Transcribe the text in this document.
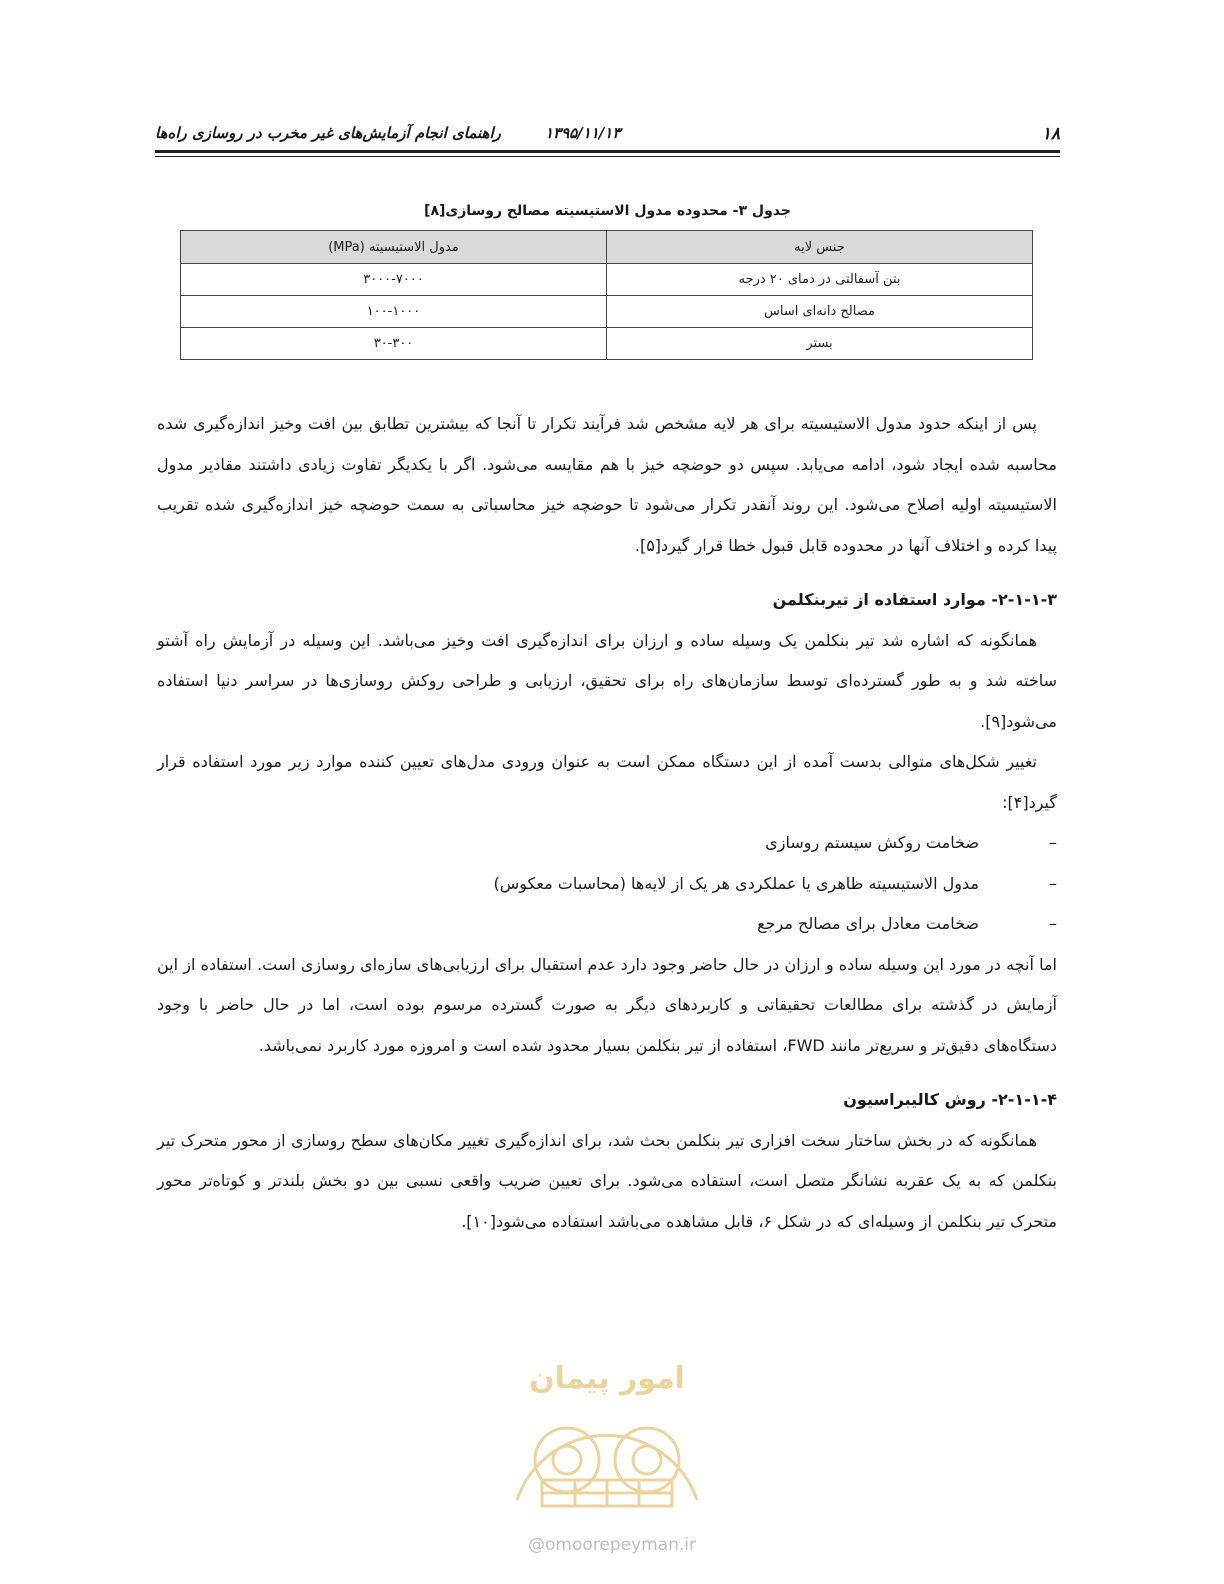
۱۸
۱۳۹۵/۱۱/۱۳
راهنمای انجام آزمایش‌های غیر مخرب در روسازی راه‌ها
جدول ۳- محدوده مدول الاستیسیته مصالح روسازی[۸]
جنس لایه	مدول الاستیسیته (MPa)
بتن آسفالتی در دمای ۲۰ درجه	۳۰۰۰-۷۰۰۰
مصالح دانه‌ای اساس	۱۰۰-۱۰۰۰
بستر	۳۰-۳۰۰

پس از اینکه حدود مدول الاستیسیته برای هر لایه مشخص شد فرآیند تکرار تا آنجا که بیشترین تطابق بین افت وخیز اندازه‌گیری شده محاسبه شده ایجاد شود، ادامه می‌یابد. سپس دو حوضچه خیز با هم مقایسه می‌شود. اگر با یکدیگر تفاوت زیادی داشتند مقادیر مدول الاستیسیته اولیه اصلاح می‌شود. این روند آنقدر تکرار می‌شود تا حوضچه خیز محاسباتی به سمت حوضچه خیز اندازه‌گیری شده تقریب پیدا کرده و اختلاف آنها در محدوده قابل قبول خطا قرار گیرد[۵].

۲-۱-۱-۳- موارد استفاده از تیربنکلمن

همانگونه که اشاره شد تیر بنکلمن یک وسیله ساده و ارزان برای اندازه‌گیری افت وخیز می‌باشد. این وسیله در آزمایش راه آشتو ساخته شد و به طور گسترده‌ای توسط سازمان‌های راه برای تحقیق، ارزیابی و طراحی روکش روسازی‌ها در سراسر دنیا استفاده می‌شود[۹].

تغییر شکل‌های متوالی بدست آمده از این دستگاه ممکن است به عنوان ورودی مدل‌های تعیین کننده موارد زیر مورد استفاده قرار گیرد[۴]:

– ضخامت روکش سیستم روسازی
– مدول الاستیسیته ظاهری یا عملکردی هر یک از لایه‌ها (محاسبات معکوس)
– ضخامت معادل برای مصالح مرجع

اما آنچه در مورد این وسیله ساده و ارزان در حال حاضر وجود دارد عدم استقبال برای ارزیابی‌های سازه‌ای روسازی است. استفاده از این آزمایش در گذشته برای مطالعات تحقیقاتی و کاربردهای دیگر به صورت گسترده مرسوم بوده است، اما در حال حاضر با وجود دستگاه‌های دقیق‌تر و سریع‌تر مانند FWD، استفاده از تیر بنکلمن بسیار محدود شده است و امروزه مورد کاربرد نمی‌باشد.

۲-۱-۱-۴- روش کالیبراسیون

همانگونه که در بخش ساختار سخت افزاری تیر بنکلمن بحث شد، برای اندازه‌گیری تغییر مکان‌های سطح روسازی از محور متحرک تیر بنکلمن که به یک عقربه نشانگر متصل است، استفاده می‌شود. برای تعیین ضریب واقعی نسبی بین دو بخش بلندتر و کوتاه‌تر محور متحرک تیر بنکلمن از وسیله‌ای که در شکل ۶، قابل مشاهده می‌باشد استفاده می‌شود[۱۰].

امور پیمان
@omoorepeyman.ir
